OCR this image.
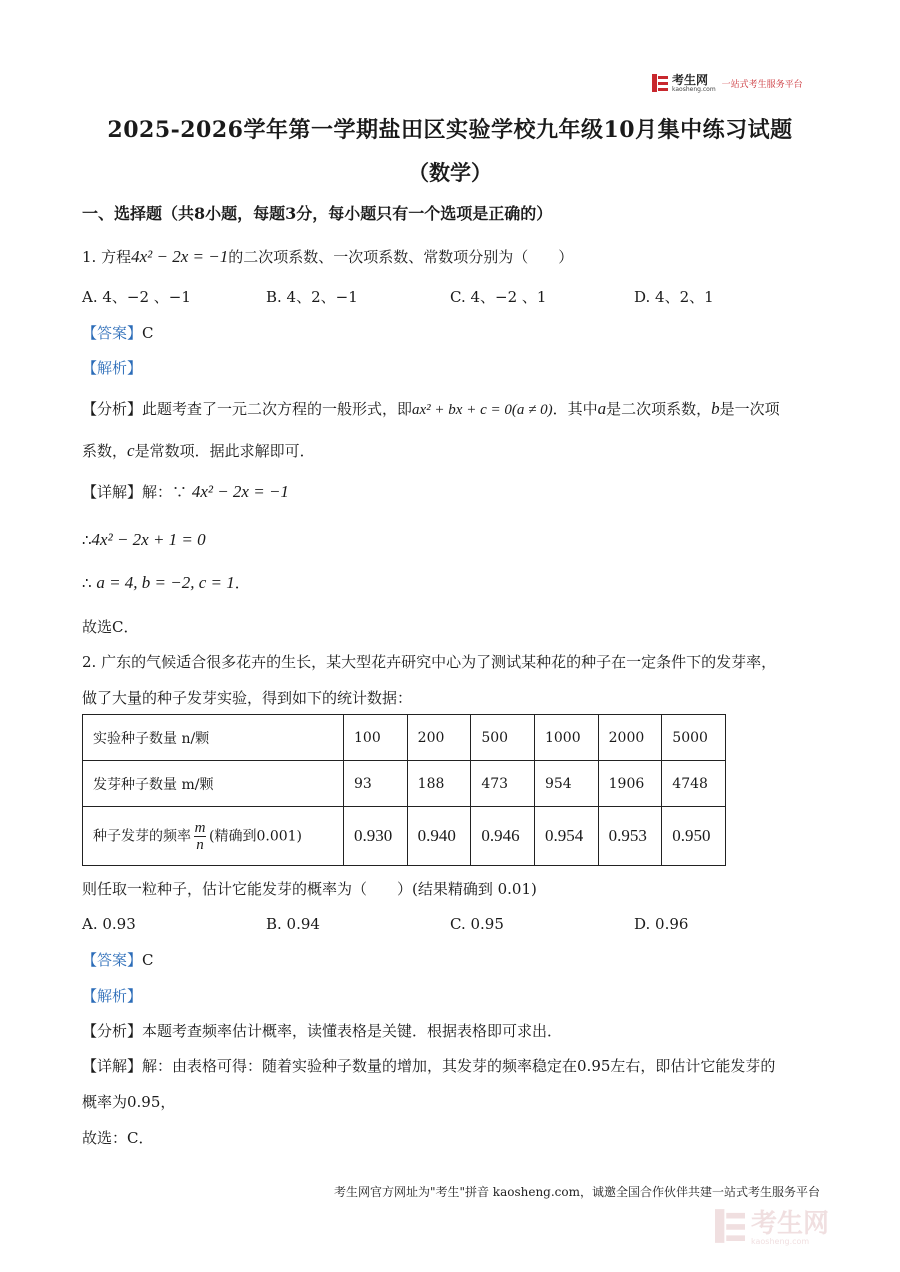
考生网
kaosheng.com 一站式考生服务平台
2025-2026学年第一学期盐田区实验学校九年级10月集中练习试题
（数学）
一、选择题（共8小题，每题3分，每小题只有一个选项是正确的）
1. 方程4x² − 2x = −1的二次项系数、一次项系数、常数项分别为（　　）
A. 4、−2 、−1	B. 4、2、−1	C. 4、−2 、1	D. 4、2、1
【答案】C
【解析】
【分析】此题考查了一元二次方程的一般形式，即ax² + bx + c = 0(a ≠ 0)．其中a是二次项系数，b是一次项
系数，c是常数项．据此求解即可．
【详解】解：∵ 4x² − 2x = −1
∴4x² − 2x + 1 = 0
∴ a = 4, b = −2, c = 1．
故选C．
2. 广东的气候适合很多花卉的生长，某大型花卉研究中心为了测试某种花的种子在一定条件下的发芽率，
做了大量的种子发芽实验，得到如下的统计数据：
实验种子数量 n/颗	100	200	500	1000	2000	5000
发芽种子数量 m/颗	93	188	473	954	1906	4748
种子发芽的频率 $\frac{m}{n}$ (精确到0.001)	0.930	0.940	0.946	0.954	0.953	0.950
则任取一粒种子，估计它能发芽的概率为（　　）(结果精确到 0.01)
A. 0.93	B. 0.94	C. 0.95	D. 0.96
【答案】C
【解析】
【分析】本题考查频率估计概率，读懂表格是关键．根据表格即可求出．
【详解】解：由表格可得：随着实验种子数量的增加，其发芽的频率稳定在0.95左右，即估计它能发芽的
概率为0.95，
故选：C．
考生网官方网址为"考生"拼音 kaosheng.com，诚邀全国合作伙伴共建一站式考生服务平台
考生网
kaosheng.com
